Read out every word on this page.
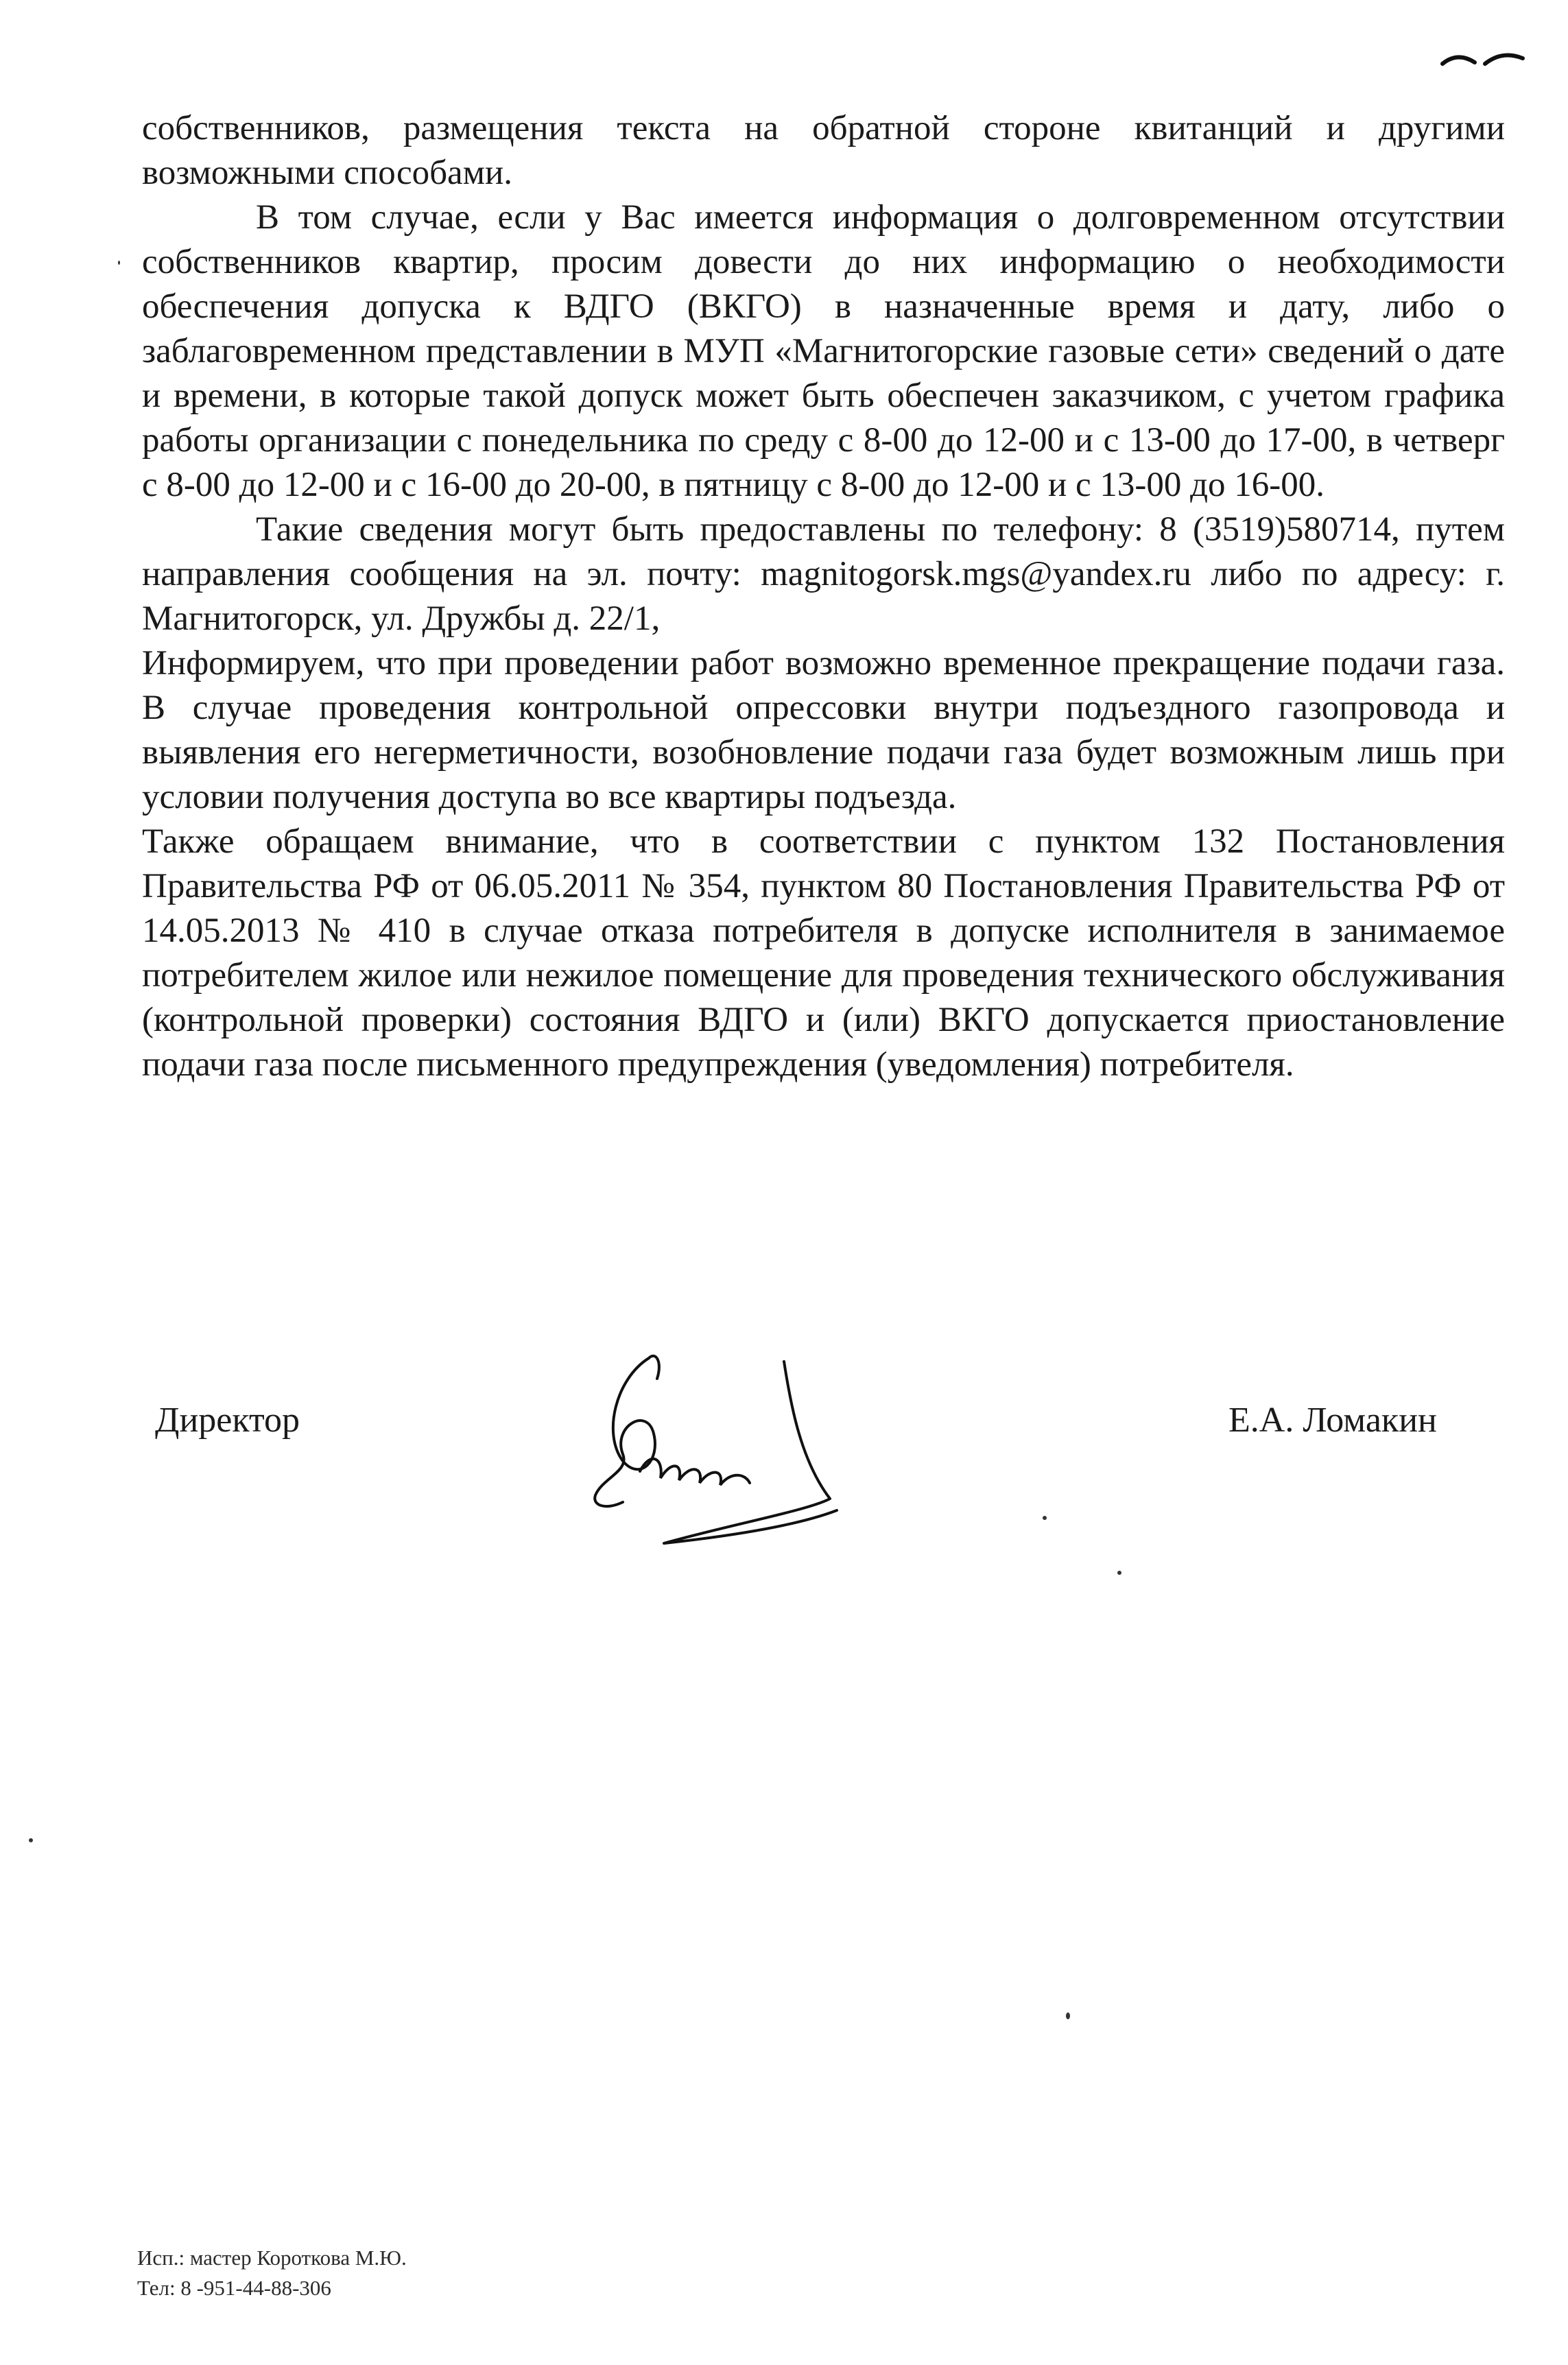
собственников, размещения текста на обратной стороне квитанций и другими возможными способами.

В том случае, если у Вас имеется информация о долговременном отсутствии собственников квартир, просим довести до них информацию о необходимости обеспечения допуска к ВДГО (ВКГО) в назначенные время и дату, либо о заблаговременном представлении в МУП «Магнитогорские газовые сети» сведений о дате и времени, в которые такой допуск может быть обеспечен заказчиком, с учетом графика работы организации с понедельника по среду с 8-00 до 12-00 и с 13-00 до 17-00, в четверг с 8-00 до 12-00 и с 16-00 до 20-00, в пятницу с 8-00 до 12-00 и с 13-00 до 16-00.

Такие сведения могут быть предоставлены по телефону: 8 (3519)580714, путем направления сообщения на эл. почту: magnitogorsk.mgs@yandex.ru либо по адресу: г. Магнитогорск, ул. Дружбы д. 22/1,

Информируем, что при проведении работ возможно временное прекращение подачи газа. В случае проведения контрольной опрессовки внутри подъездного газопровода и выявления его негерметичности, возобновление подачи газа будет возможным лишь при условии получения доступа во все квартиры подъезда.

Также обращаем внимание, что в соответствии с пунктом 132 Постановления Правительства РФ от 06.05.2011 № 354, пунктом 80 Постановления Правительства РФ от 14.05.2013 № 410 в случае отказа потребителя в допуске исполнителя в занимаемое потребителем жилое или нежилое помещение для проведения технического обслуживания (контрольной проверки) состояния ВДГО и (или) ВКГО допускается приостановление подачи газа после письменного предупреждения (уведомления) потребителя.

Директор	Е.А. Ломакин
Исп.: мастер Короткова М.Ю.
Тел: 8 -951-44-88-306
